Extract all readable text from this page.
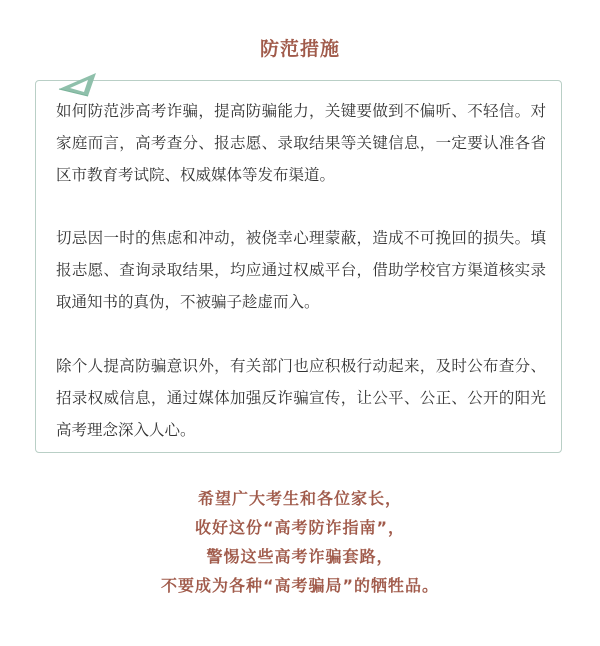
防范措施

如何防范涉高考诈骗，提高防骗能力，关键要做到不偏听、不轻信。对家庭而言，高考查分、报志愿、录取结果等关键信息，一定要认准各省区市教育考试院、权威媒体等发布渠道。

切忌因一时的焦虑和冲动，被侥幸心理蒙蔽，造成不可挽回的损失。填报志愿、查询录取结果，均应通过权威平台，借助学校官方渠道核实录取通知书的真伪，不被骗子趁虚而入。

除个人提高防骗意识外，有关部门也应积极行动起来，及时公布查分、招录权威信息，通过媒体加强反诈骗宣传，让公平、公正、公开的阳光高考理念深入人心。

希望广大考生和各位家长，
收好这份“高考防诈指南”，
警惕这些高考诈骗套路，
不要成为各种“高考骗局”的牺牲品。
